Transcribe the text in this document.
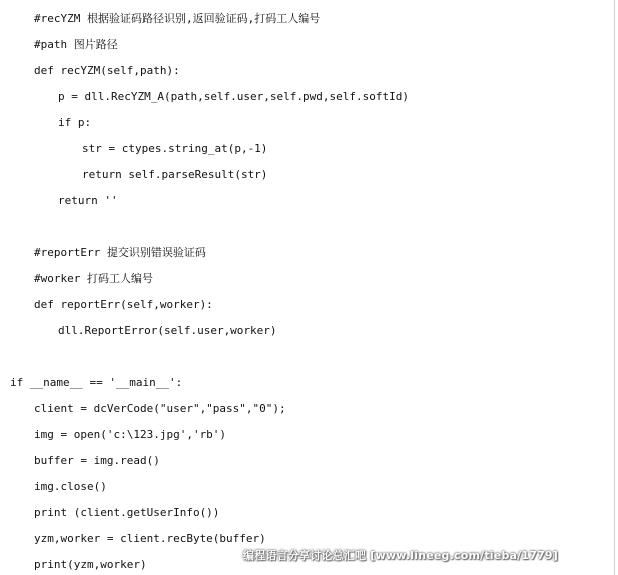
#recYZM 根据验证码路径识别,返回验证码,打码工人编号
#path 图片路径
def recYZM(self,path):
p = dll.RecYZM_A(path,self.user,self.pwd,self.softId)
if p:
str = ctypes.string_at(p,-1)
return self.parseResult(str)
return ''
#reportErr 提交识别错误验证码
#worker 打码工人编号
def reportErr(self,worker):
dll.ReportError(self.user,worker)
if __name__ == '__main__':
client = dcVerCode("user","pass","0");
img = open('c:\123.jpg','rb')
buffer = img.read()
img.close()
print (client.getUserInfo())
yzm,worker = client.recByte(buffer)
print(yzm,worker)
编程语言分享讨论总汇吧 [www.lineeg.com/tieba/1779]
